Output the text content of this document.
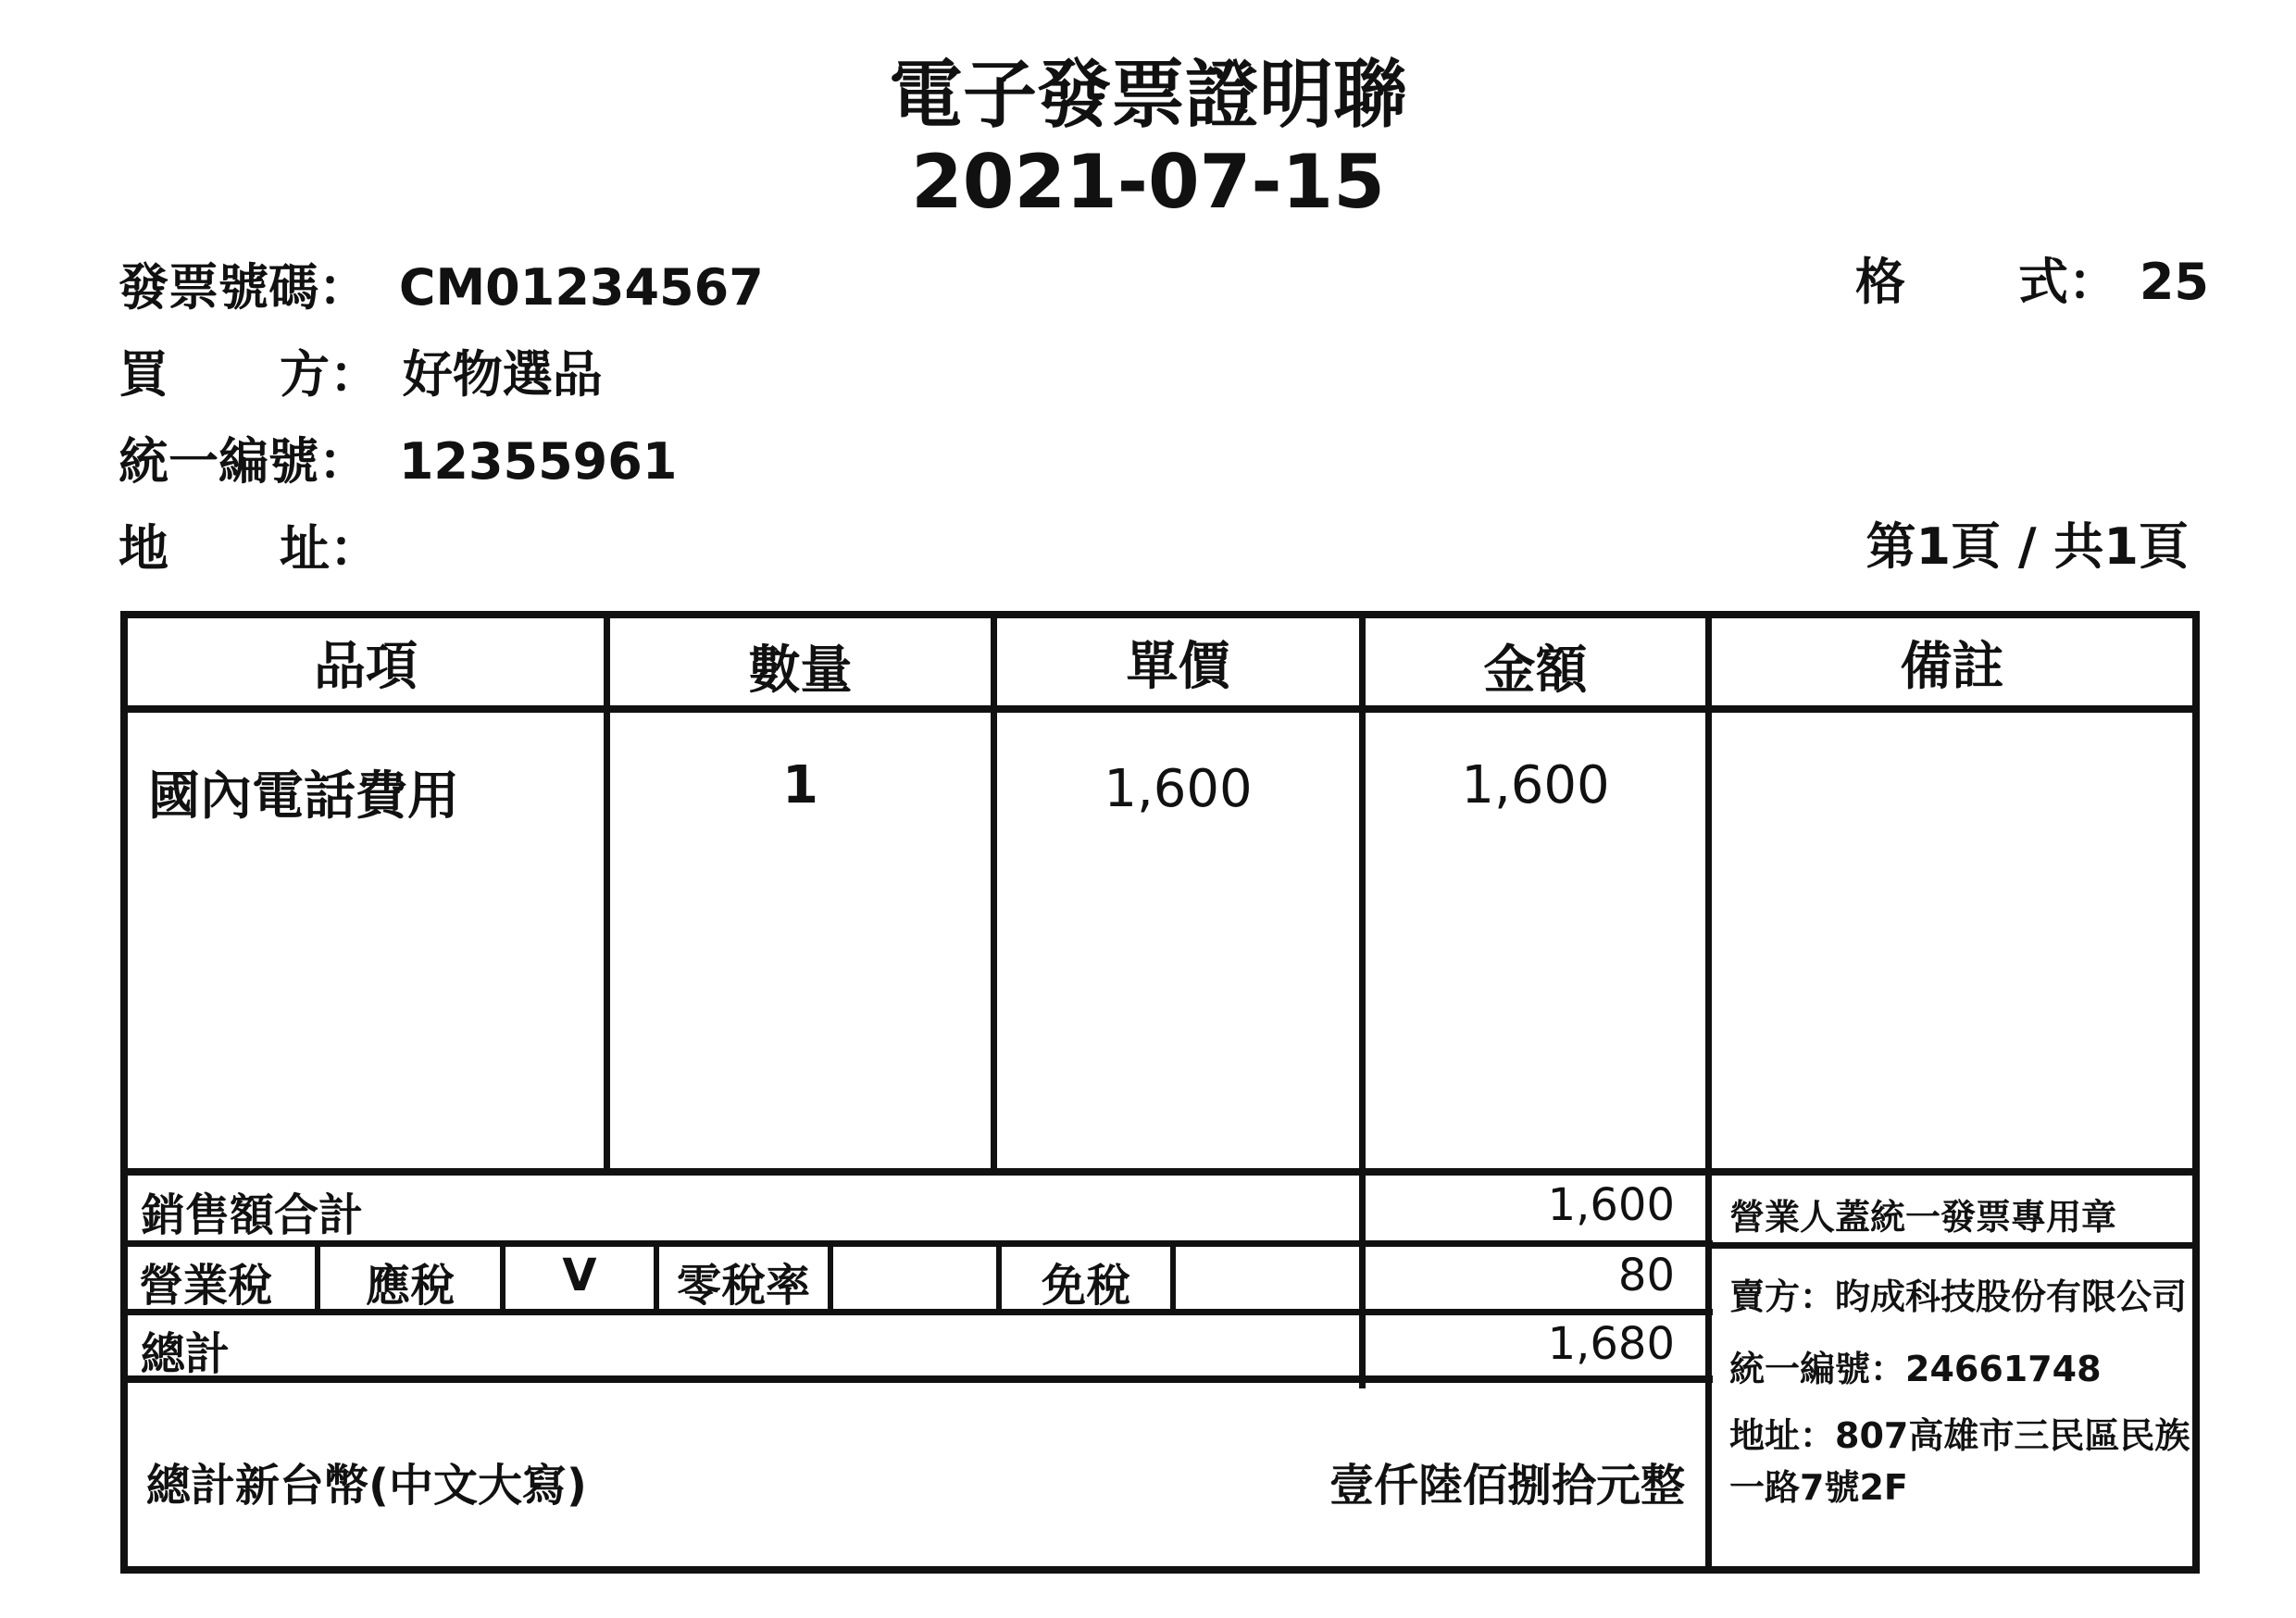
電子發票證明聯
2021-07-15
發票號碼： CM01234567
買 方： 好物選品
統一編號： 12355961
地 址：
格 式： 25
第1頁 / 共1頁
品項	數量	單價	金額	備註
國內電話費用	1	1,600	1,600
銷售額合計	1,600
營業稅	應稅	V	零稅率	免稅	80
總計	1,680
總計新台幣(中文大寫)	壹仟陸佰捌拾元整
營業人蓋統一發票專用章
賣方：昀成科技股份有限公司
統一編號：24661748
地址：807高雄市三民區民族
一路7號2F
